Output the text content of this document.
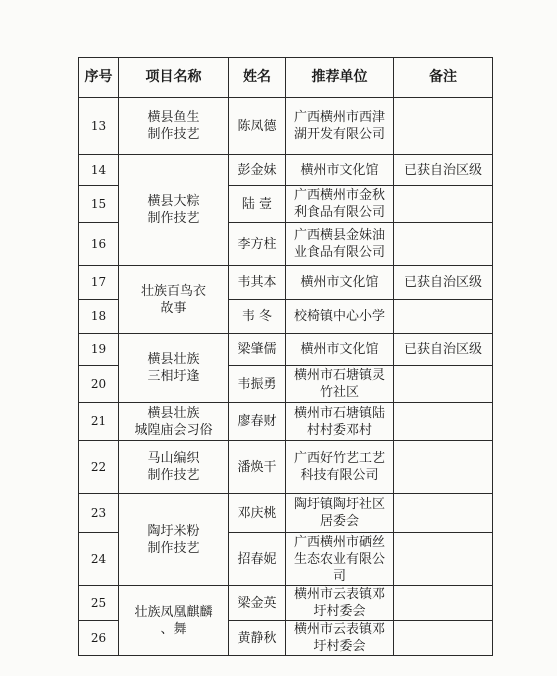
序号	项目名称	姓名	推荐单位	备注
13	横县鱼生
制作技艺	陈凤德	广西横州市西津
湖开发有限公司	
14	横县大粽
制作技艺	彭金妹	横州市文化馆	已获自治区级
15		陆 壹	广西横州市金秋
利食品有限公司	
16		李方柱	广西横县金妹油
业食品有限公司	
17	壮族百鸟衣
故事	韦其本	横州市文化馆	已获自治区级
18		韦 冬	校椅镇中心小学	
19	横县壮族
三相圩逢	梁肇儒	横州市文化馆	已获自治区级
20		韦振勇	横州市石塘镇灵
竹社区	
21	横县壮族
城隍庙会习俗	廖春财	横州市石塘镇陆
村村委邓村	
22	马山编织
制作技艺	潘焕干	广西好竹艺工艺
科技有限公司	
23	陶圩米粉
制作技艺	邓庆桃	陶圩镇陶圩社区
居委会	
24		招春妮	广西横州市硒丝
生态农业有限公
司	
25	壮族凤凰麒麟
、舞	梁金英	横州市云表镇邓
圩村委会	
26		黄静秋	横州市云表镇邓
圩村委会	
